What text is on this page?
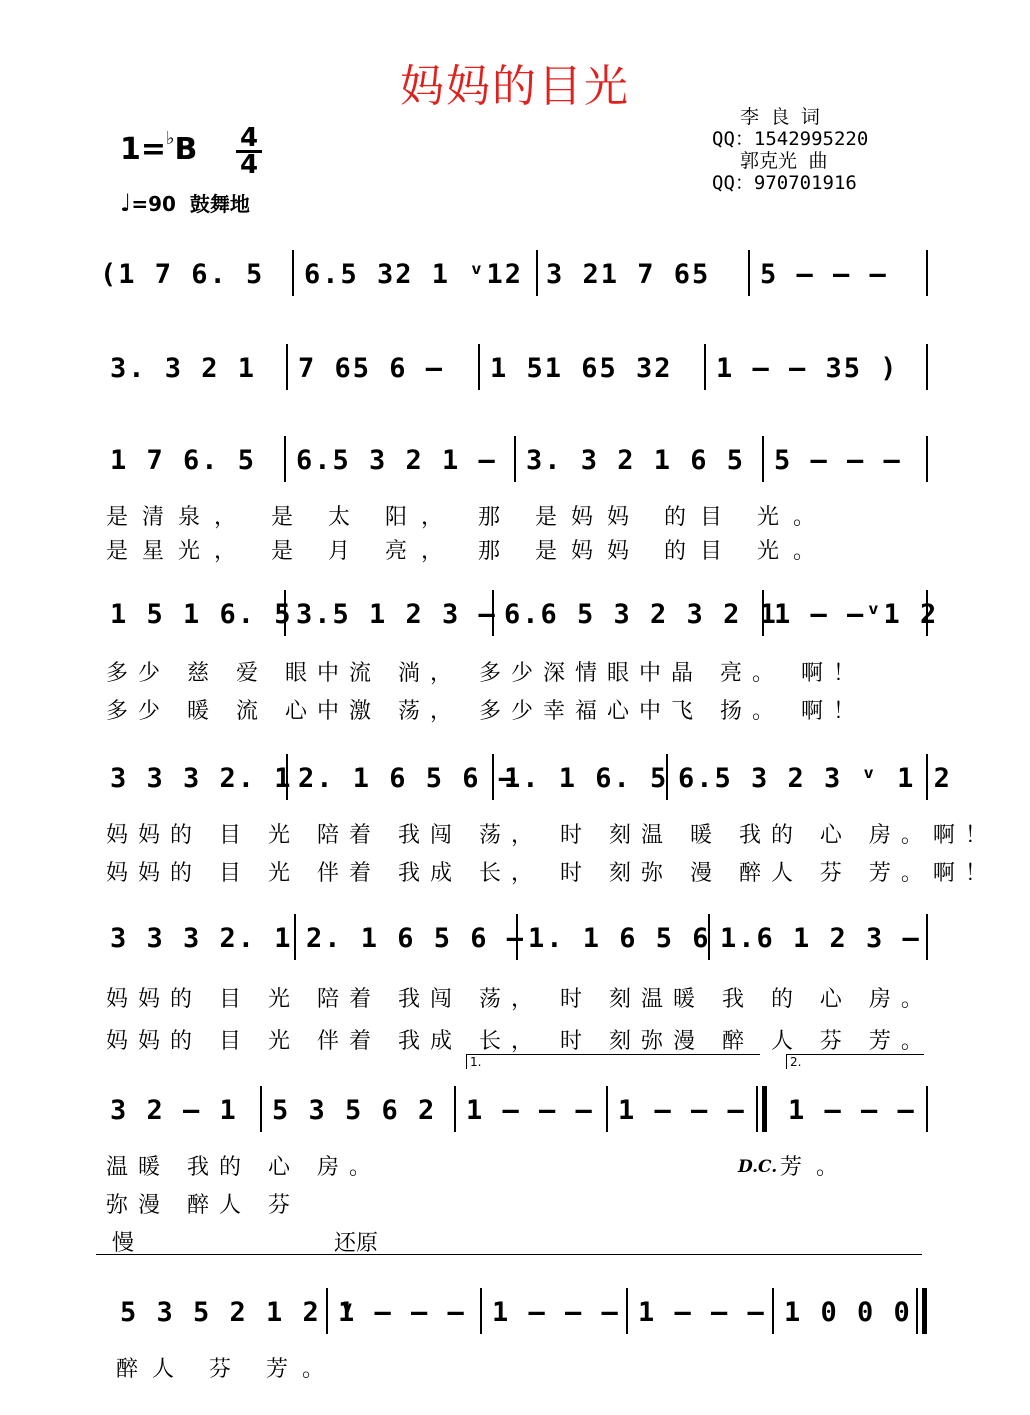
妈妈的目光
李 良 词
QQ：1542995220
郭克光 曲
QQ：970701916
1=♭B 4
4
♩=90 鼓舞地
(1 7 6. 5 6.5 32 1 ᵛ12 3 21 7 65 5 – – –
3. 3 2 1 7 65 6 – 1 51 65 32 1 – – 35 )
1 7 6. 5 6.5 3 2 1 – 3. 3 2 1 6 5 5 – – –
是清泉， 是 太 阳， 那 是妈妈 的目 光。
是星光， 是 月 亮， 那 是妈妈 的目 光。
1 5 1 6. 5 3.5 1 2 3 – 6.6 5 3 2 3 2 1
1 – –ᵛ1 2
多少 慈 爱 眼中流 淌， 多少深情眼中晶 亮。 啊！
多少 暖 流 心中激 荡， 多少幸福心中飞 扬。 啊！
3 3 3 2. 1 2. 1 6 5 6 –
1. 1 6. 5 6.5 3 2 3 ᵛ 1 2
妈妈的 目 光 陪着 我闯 荡， 时 刻温 暖 我的 心 房。啊！
妈妈的 目 光 伴着 我成 长， 时 刻弥 漫 醉人 芬 芳。啊！
3 3 3 2. 1 2. 1 6 5 6 – 1. 1 6 5 6 1.6 1 2 3 –
妈妈的 目 光 陪着 我闯 荡， 时 刻温暖 我 的 心 房。
妈妈的 目 光 伴着 我成 长， 时 刻弥漫 醉 人 芬 芳。
1.	2.
3 2 – 1 5 3 5 6 2 1 – – – 1 – – – 1 – – –
温暖 我的 心 房。	D.C. 芳。
弥漫 醉人 芬
慢	还原
5 3 5 2 1 2 ᵛ
1 – – – 1 – – – 1 – – – 1 0 0 0
醉人 芬 芳。
